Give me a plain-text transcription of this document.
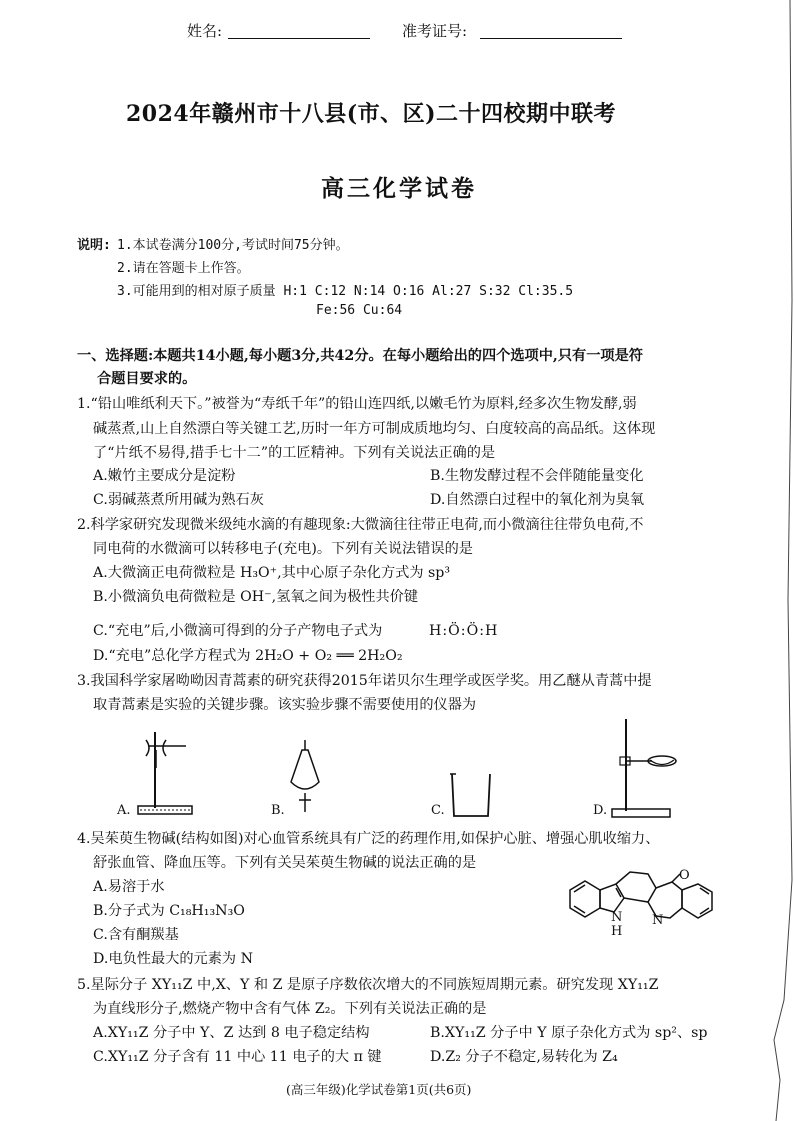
姓名:	准考证号:
2024年赣州市十八县(市、区)二十四校期中联考
高三化学试卷
说明: 1.本试卷满分100分,考试时间75分钟。
2.请在答题卡上作答。
3.可能用到的相对原子质量 H:1 C:12 N:14 O:16 Al:27 S:32 Cl:35.5
Fe:56 Cu:64
一、选择题:本题共14小题,每小题3分,共42分。在每小题给出的四个选项中,只有一项是符
合题目要求的。
1.“铅山唯纸利天下。”被誉为“寿纸千年”的铅山连四纸,以嫩毛竹为原料,经多次生物发酵,弱
碱蒸煮,山上自然漂白等关键工艺,历时一年方可制成质地均匀、白度较高的高品纸。这体现
了“片纸不易得,措手七十二”的工匠精神。下列有关说法正确的是
A.嫩竹主要成分是淀粉	B.生物发酵过程不会伴随能量变化
C.弱碱蒸煮所用碱为熟石灰	D.自然漂白过程中的氧化剂为臭氧
2.科学家研究发现微米级纯水滴的有趣现象:大微滴往往带正电荷,而小微滴往往带负电荷,不
同电荷的水微滴可以转移电子(充电)。下列有关说法错误的是
A.大微滴正电荷微粒是 H₃O⁺,其中心原子杂化方式为 sp³
B.小微滴负电荷微粒是 OH⁻,氢氧之间为极性共价键
C.“充电”后,小微滴可得到的分子产物电子式为	H:Ö:Ö:H
D.“充电”总化学方程式为 2H₂O + O₂ ══ 2H₂O₂
3.我国科学家屠呦呦因青蒿素的研究获得2015年诺贝尔生理学或医学奖。用乙醚从青蒿中提
取青蒿素是实验的关键步骤。该实验步骤不需要使用的仪器为
A.	B.	C.	D.
4.吴茱萸生物碱(结构如图)对心血管系统具有广泛的药理作用,如保护心脏、增强心肌收缩力、
舒张血管、降血压等。下列有关吴茱萸生物碱的说法正确的是
A.易溶于水
B.分子式为 C₁₈H₁₃N₃O
C.含有酮羰基
D.电负性最大的元素为 N
O
N
H
N
5.星际分子 XY₁₁Z 中,X、Y 和 Z 是原子序数依次增大的不同族短周期元素。研究发现 XY₁₁Z
为直线形分子,燃烧产物中含有气体 Z₂。下列有关说法正确的是
A.XY₁₁Z 分子中 Y、Z 达到 8 电子稳定结构	B.XY₁₁Z 分子中 Y 原子杂化方式为 sp²、sp
C.XY₁₁Z 分子含有 11 中心 11 电子的大 π 键	D.Z₂ 分子不稳定,易转化为 Z₄
(高三年级)化学试卷第1页(共6页)
